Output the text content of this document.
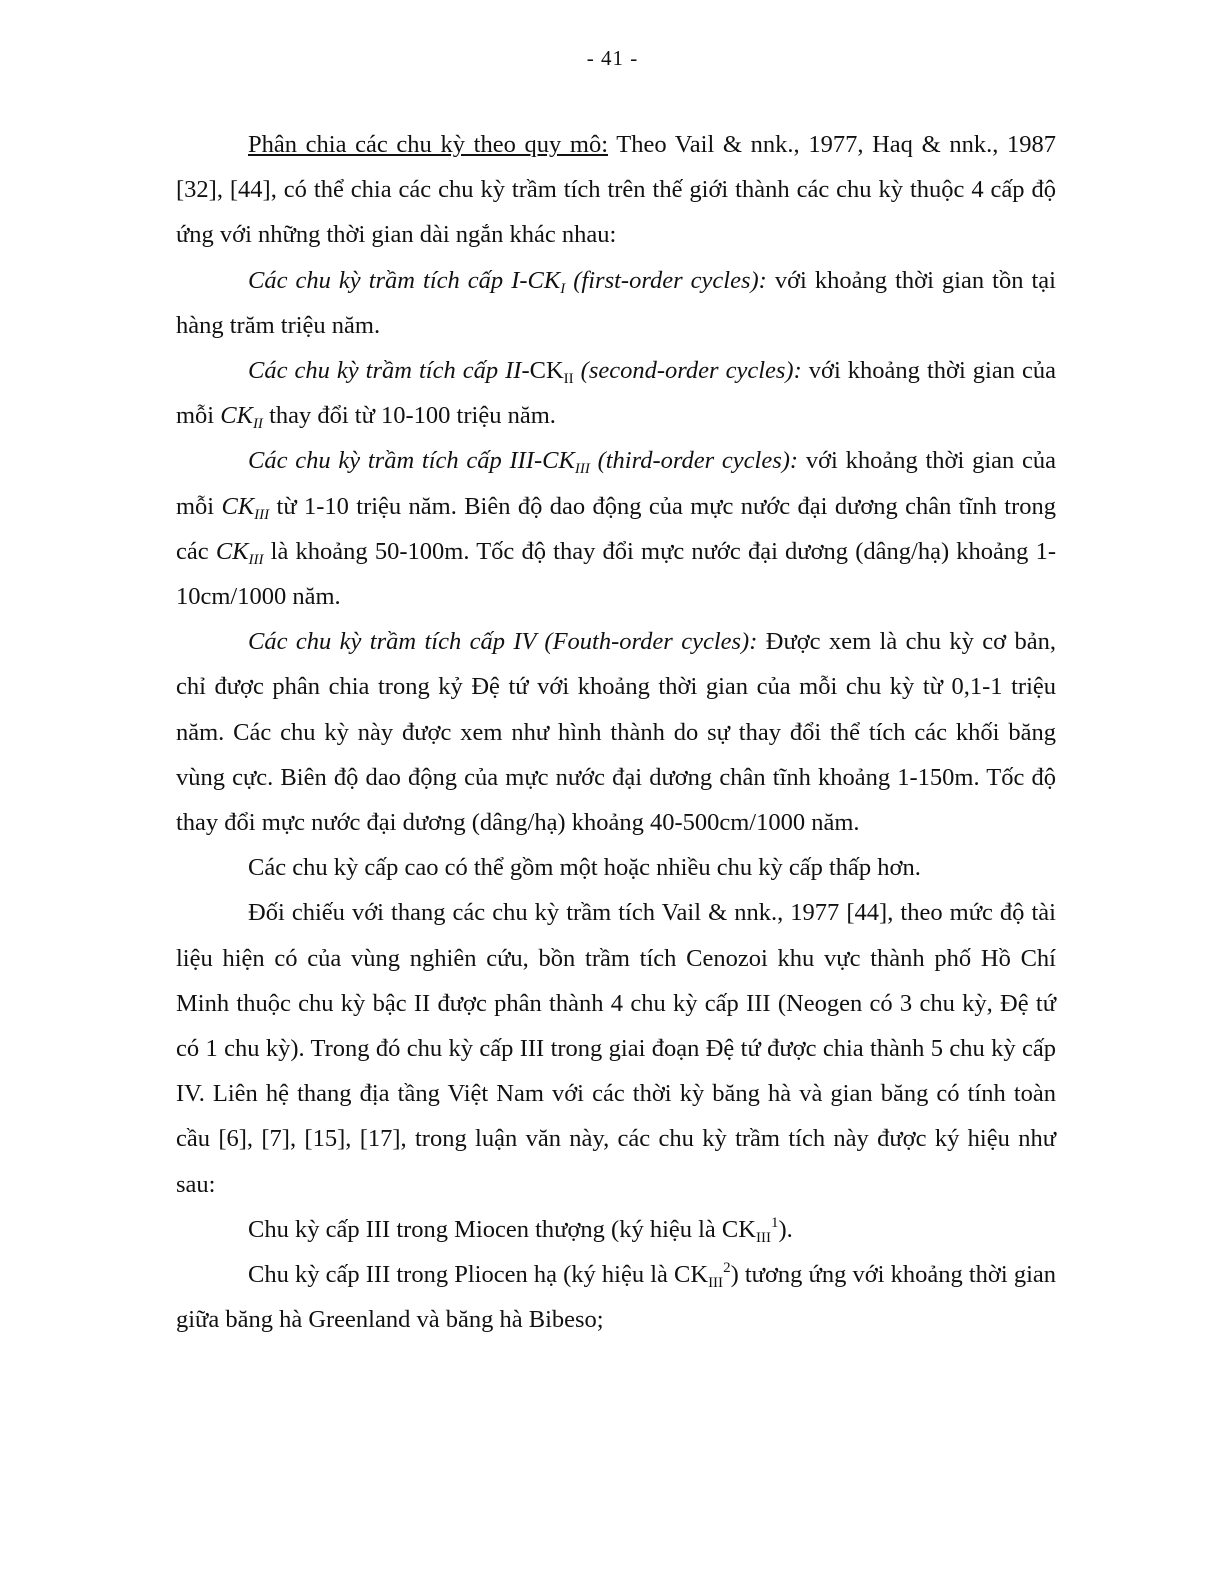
- 41 -

Phân chia các chu kỳ theo quy mô: Theo Vail & nnk., 1977, Haq & nnk., 1987 [32], [44], có thể chia các chu kỳ trầm tích trên thế giới thành các chu kỳ thuộc 4 cấp độ ứng với những thời gian dài ngắn khác nhau:

Các chu kỳ trầm tích cấp $I-CK_I$ (first-order cycles): với khoảng thời gian tồn tại hàng trăm triệu năm.

Các chu kỳ trầm tích cấp $II-CK_{II}$ (second-order cycles): với khoảng thời gian của mỗi $CK_{II}$ thay đổi từ 10-100 triệu năm.

Các chu kỳ trầm tích cấp III-$CK_{III}$ (third-order cycles): với khoảng thời gian của mỗi $CK_{III}$ từ 1-10 triệu năm. Biên độ dao động của mực nước đại dương chân tĩnh trong các $CK_{III}$ là khoảng 50-100m. Tốc độ thay đổi mực nước đại dương (dâng/hạ) khoảng 1-10cm/1000 năm.

Các chu kỳ trầm tích cấp IV (Fouth-order cycles): Được xem là chu kỳ cơ bản, chỉ được phân chia trong kỷ Đệ tứ với khoảng thời gian của mỗi chu kỳ từ 0,1-1 triệu năm. Các chu kỳ này được xem như hình thành do sự thay đổi thể tích các khối băng vùng cực. Biên độ dao động của mực nước đại dương chân tĩnh khoảng 1-150m. Tốc độ thay đổi mực nước đại dương (dâng/hạ) khoảng 40-500cm/1000 năm.

Các chu kỳ cấp cao có thể gồm một hoặc nhiều chu kỳ cấp thấp hơn.

Đối chiếu với thang các chu kỳ trầm tích Vail & nnk., 1977 [44], theo mức độ tài liệu hiện có của vùng nghiên cứu, bồn trầm tích Cenozoi khu vực thành phố Hồ Chí Minh thuộc chu kỳ bậc II được phân thành 4 chu kỳ cấp III (Neogen có 3 chu kỳ, Đệ tứ có 1 chu kỳ). Trong đó chu kỳ cấp III trong giai đoạn Đệ tứ được chia thành 5 chu kỳ cấp IV. Liên hệ thang địa tầng Việt Nam với các thời kỳ băng hà và gian băng có tính toàn cầu [6], [7], [15], [17], trong luận văn này, các chu kỳ trầm tích này được ký hiệu như sau:

Chu kỳ cấp III trong Miocen thượng (ký hiệu là $CK_{III}^1$).

Chu kỳ cấp III trong Pliocen hạ (ký hiệu là $CK_{III}^2$) tương ứng với khoảng thời gian giữa băng hà Greenland và băng hà Bibeso;
